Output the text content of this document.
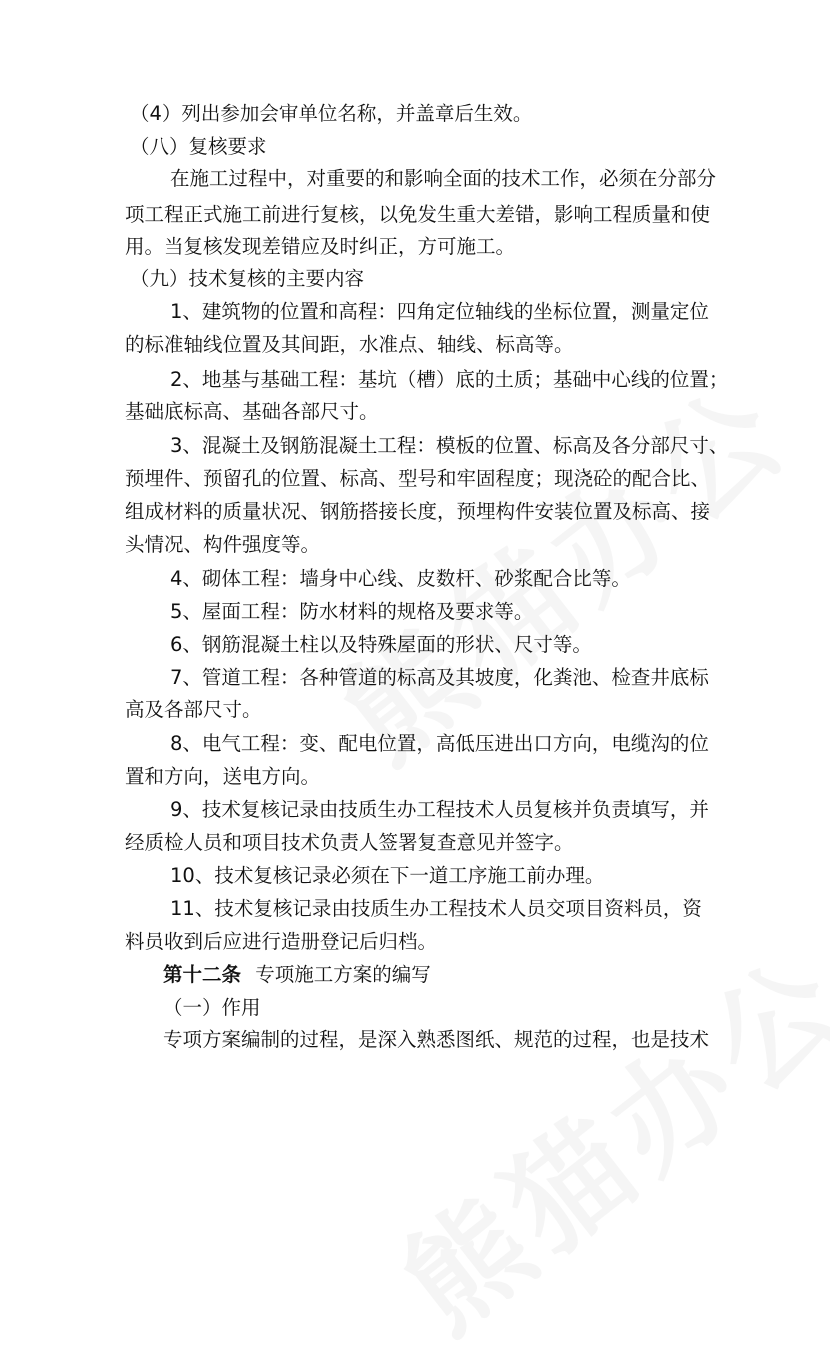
（4）列出参加会审单位名称，并盖章后生效。
（八）复核要求
在施工过程中，对重要的和影响全面的技术工作，必须在分部分
项工程正式施工前进行复核，以免发生重大差错，影响工程质量和使
用。当复核发现差错应及时纠正，方可施工。
（九）技术复核的主要内容
1、建筑物的位置和高程：四角定位轴线的坐标位置，测量定位
的标准轴线位置及其间距，水准点、轴线、标高等。
2、地基与基础工程：基坑（槽）底的土质；基础中心线的位置；
基础底标高、基础各部尺寸。
3、混凝土及钢筋混凝土工程：模板的位置、标高及各分部尺寸、
预埋件、预留孔的位置、标高、型号和牢固程度；现浇砼的配合比、
组成材料的质量状况、钢筋搭接长度，预埋构件安装位置及标高、接
头情况、构件强度等。
4、砌体工程：墙身中心线、皮数杆、砂浆配合比等。
5、屋面工程：防水材料的规格及要求等。
6、钢筋混凝土柱以及特殊屋面的形状、尺寸等。
7、管道工程：各种管道的标高及其坡度，化粪池、检查井底标
高及各部尺寸。
8、电气工程：变、配电位置，高低压进出口方向，电缆沟的位
置和方向，送电方向。
9、技术复核记录由技质生办工程技术人员复核并负责填写，并
经质检人员和项目技术负责人签署复查意见并签字。
10、技术复核记录必须在下一道工序施工前办理。
11、技术复核记录由技质生办工程技术人员交项目资料员，资
料员收到后应进行造册登记后归档。
第十二条 专项施工方案的编写
（一）作用
专项方案编制的过程，是深入熟悉图纸、规范的过程，也是技术
